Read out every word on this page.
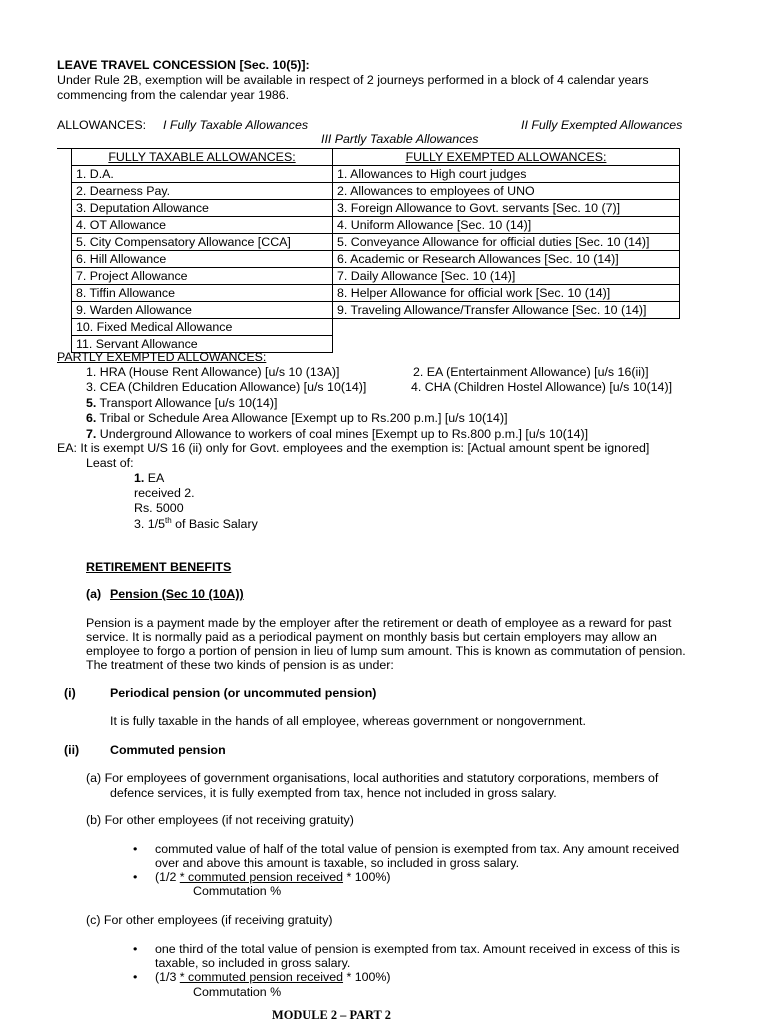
LEAVE TRAVEL CONCESSION [Sec. 10(5)]:
Under Rule 2B, exemption will be available in respect of 2 journeys performed in a block of 4 calendar years
commencing from the calendar year 1986.
ALLOWANCES: I Fully Taxable Allowances	II Fully Exempted Allowances
III Partly Taxable Allowances
FULLY TAXABLE ALLOWANCES:	FULLY EXEMPTED ALLOWANCES:
1. D.A.	1. Allowances to High court judges
2. Dearness Pay.	2. Allowances to employees of UNO
3. Deputation Allowance	3. Foreign Allowance to Govt. servants [Sec. 10 (7)]
4. OT Allowance	4. Uniform Allowance [Sec. 10 (14)]
5. City Compensatory Allowance [CCA]	5. Conveyance Allowance for official duties [Sec. 10 (14)]
6. Hill Allowance	6. Academic or Research Allowances [Sec. 10 (14)]
7. Project Allowance	7. Daily Allowance [Sec. 10 (14)]
8. Tiffin Allowance	8. Helper Allowance for official work [Sec. 10 (14)]
9. Warden Allowance	9. Traveling Allowance/Transfer Allowance [Sec. 10 (14)]
10. Fixed Medical Allowance	
11. Servant Allowance	
PARTLY EXEMPTED ALLOWANCES:
1. HRA (House Rent Allowance) [u/s 10 (13A)]	2. EA (Entertainment Allowance) [u/s 16(ii)]
3. CEA (Children Education Allowance) [u/s 10(14)]	4. CHA (Children Hostel Allowance) [u/s 10(14)]
5. Transport Allowance [u/s 10(14)]
6. Tribal or Schedule Area Allowance [Exempt up to Rs.200 p.m.] [u/s 10(14)]
7. Underground Allowance to workers of coal mines [Exempt up to Rs.800 p.m.] [u/s 10(14)]
EA: It is exempt U/S 16 (ii) only for Govt. employees and the exemption is: [Actual amount spent be ignored]
Least of:
1. EA
received 2.
Rs. 5000
3. 1/5th of Basic Salary
RETIREMENT BENEFITS
(a) Pension (Sec 10 (10A))
Pension is a payment made by the employer after the retirement or death of employee as a reward for past
service. It is normally paid as a periodical payment on monthly basis but certain employers may allow an
employee to forgo a portion of pension in lieu of lump sum amount. This is known as commutation of pension.
The treatment of these two kinds of pension is as under:
(i)	Periodical pension (or uncommuted pension)
It is fully taxable in the hands of all employee, whereas government or nongovernment.
(ii) Commuted pension
(a) For employees of government organisations, local authorities and statutory corporations, members of
defence services, it is fully exempted from tax, hence not included in gross salary.
(b) For other employees (if not receiving gratuity)
• commuted value of half of the total value of pension is exempted from tax. Any amount received
over and above this amount is taxable, so included in gross salary.
• (1/2 * commuted pension received * 100%)
Commutation %
(c) For other employees (if receiving gratuity)
• one third of the total value of pension is exempted from tax. Amount received in excess of this is
taxable, so included in gross salary.
• (1/3 * commuted pension received * 100%)
Commutation %
MODULE 2 – PART 2
